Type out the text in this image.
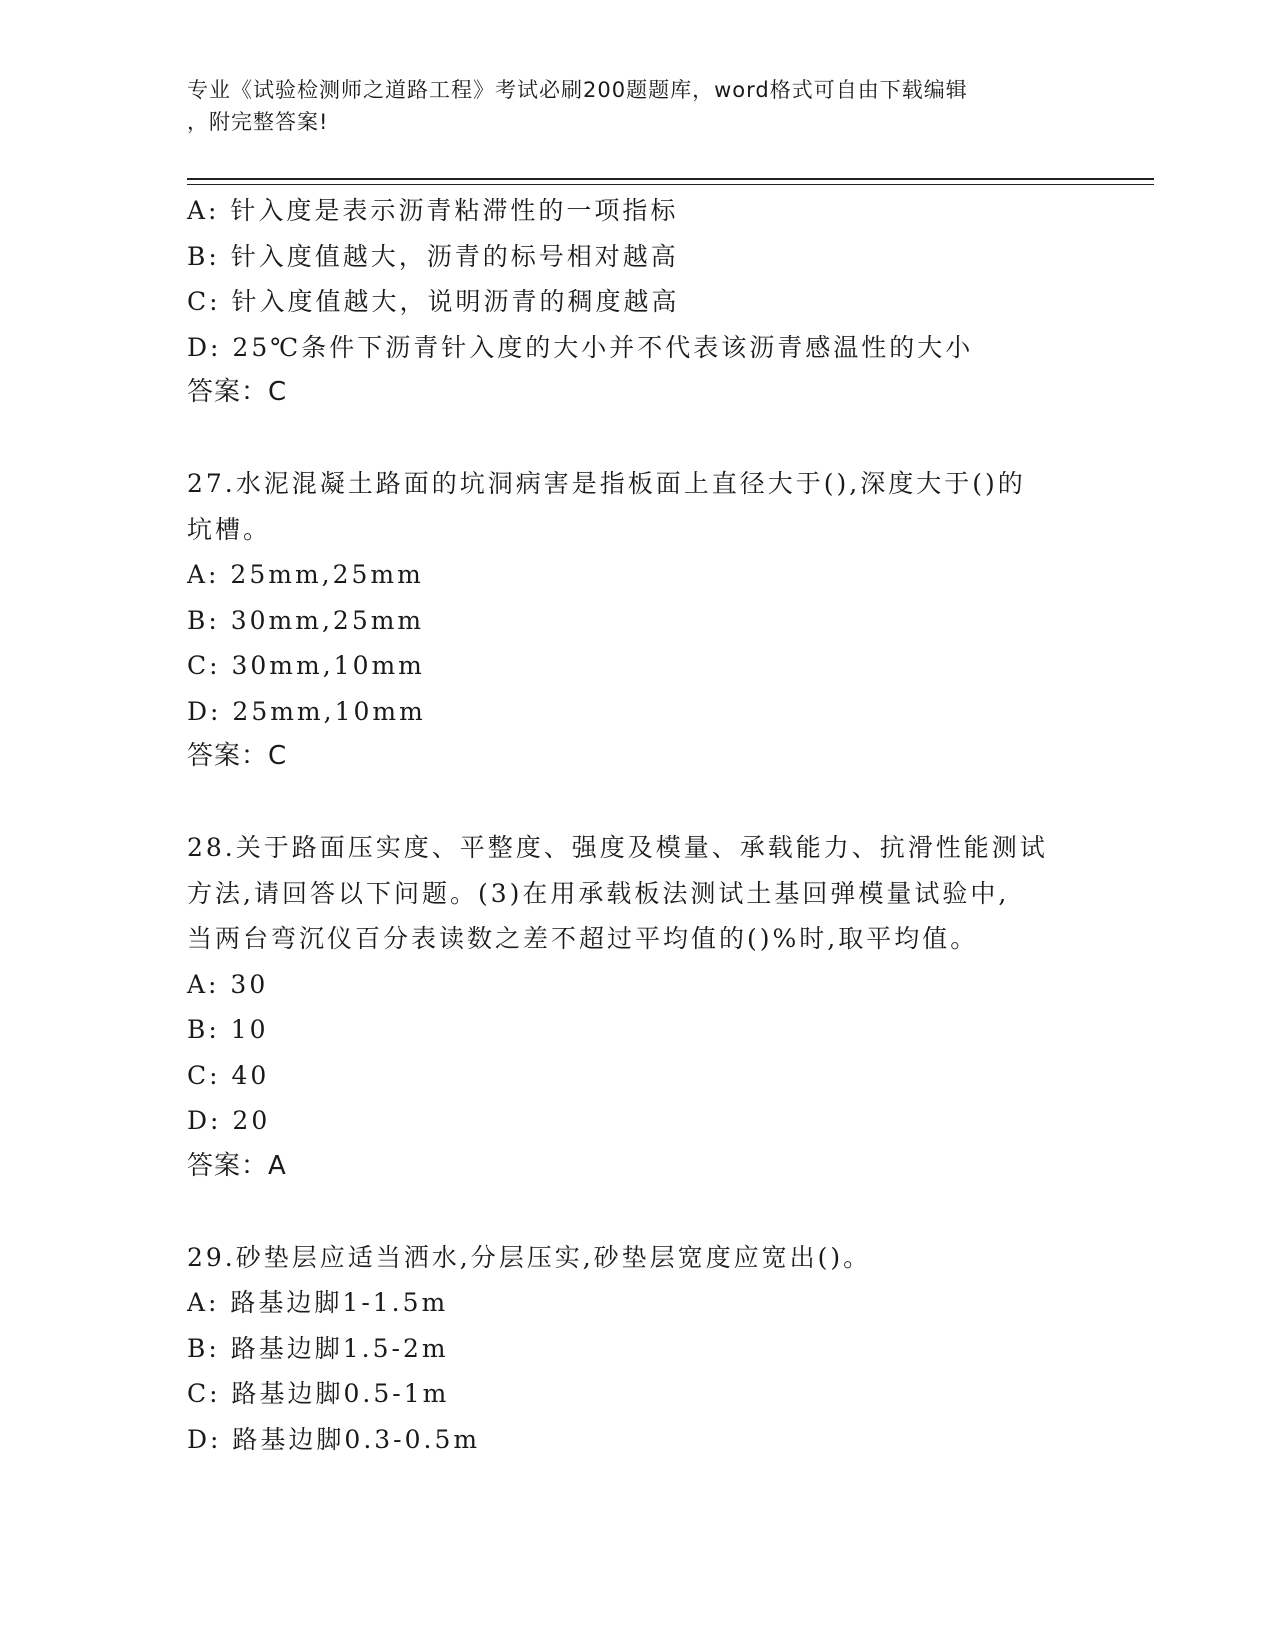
专业《试验检测师之道路工程》考试必刷200题题库，word格式可自由下载编辑
，附完整答案!
A: 针入度是表示沥青粘滞性的一项指标
B: 针入度值越大，沥青的标号相对越高
C: 针入度值越大，说明沥青的稠度越高
D: 25℃条件下沥青针入度的大小并不代表该沥青感温性的大小
答案：C
27.水泥混凝土路面的坑洞病害是指板面上直径大于(),深度大于()的
坑槽。
A: 25mm,25mm
B: 30mm,25mm
C: 30mm,10mm
D: 25mm,10mm
答案：C
28.关于路面压实度、平整度、强度及模量、承载能力、抗滑性能测试
方法,请回答以下问题。(3)在用承载板法测试土基回弹模量试验中,
当两台弯沉仪百分表读数之差不超过平均值的()%时,取平均值。
A: 30
B: 10
C: 40
D: 20
答案：A
29.砂垫层应适当洒水,分层压实,砂垫层宽度应宽出()。
A: 路基边脚1-1.5m
B: 路基边脚1.5-2m
C: 路基边脚0.5-1m
D: 路基边脚0.3-0.5m
